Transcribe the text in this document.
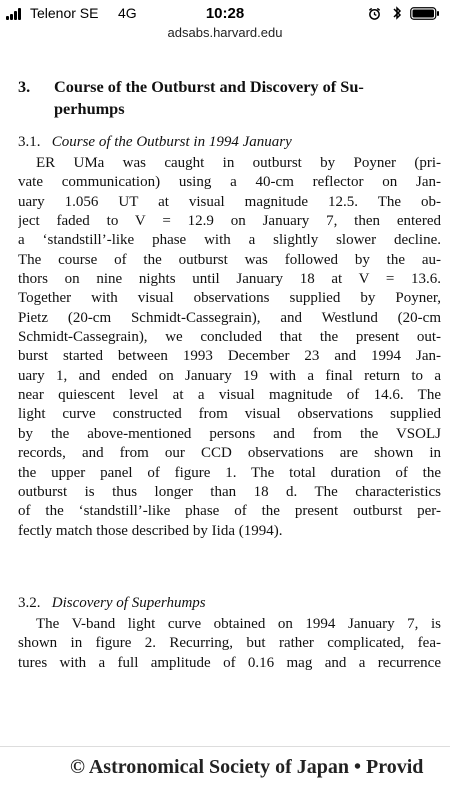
Telenor SE 4G	10:28
adsabs.harvard.edu
3. Course of the Outburst and Discovery of Su-
perhumps
3.1. Course of the Outburst in 1994 January
ER UMa was caught in outburst by Poyner (pri-
vate communication) using a 40-cm reflector on Jan-
uary 1.056 UT at visual magnitude 12.5. The ob-
ject faded to V = 12.9 on January 7, then entered
a ‘standstill’-like phase with a slightly slower decline.
The course of the outburst was followed by the au-
thors on nine nights until January 18 at V = 13.6.
Together with visual observations supplied by Poyner,
Pietz (20-cm Schmidt-Cassegrain), and Westlund (20-cm
Schmidt-Cassegrain), we concluded that the present out-
burst started between 1993 December 23 and 1994 Jan-
uary 1, and ended on January 19 with a final return to a
near quiescent level at a visual magnitude of 14.6. The
light curve constructed from visual observations supplied
by the above-mentioned persons and from the VSOLJ
records, and from our CCD observations are shown in
the upper panel of figure 1. The total duration of the
outburst is thus longer than 18 d. The characteristics
of the ‘standstill’-like phase of the present outburst per-
fectly match those described by Iida (1994).
3.2. Discovery of Superhumps
The V-band light curve obtained on 1994 January 7, is
shown in figure 2. Recurring, but rather complicated, fea-
tures with a full amplitude of 0.16 mag and a recurrence
© Astronomical Society of Japan • Provid
